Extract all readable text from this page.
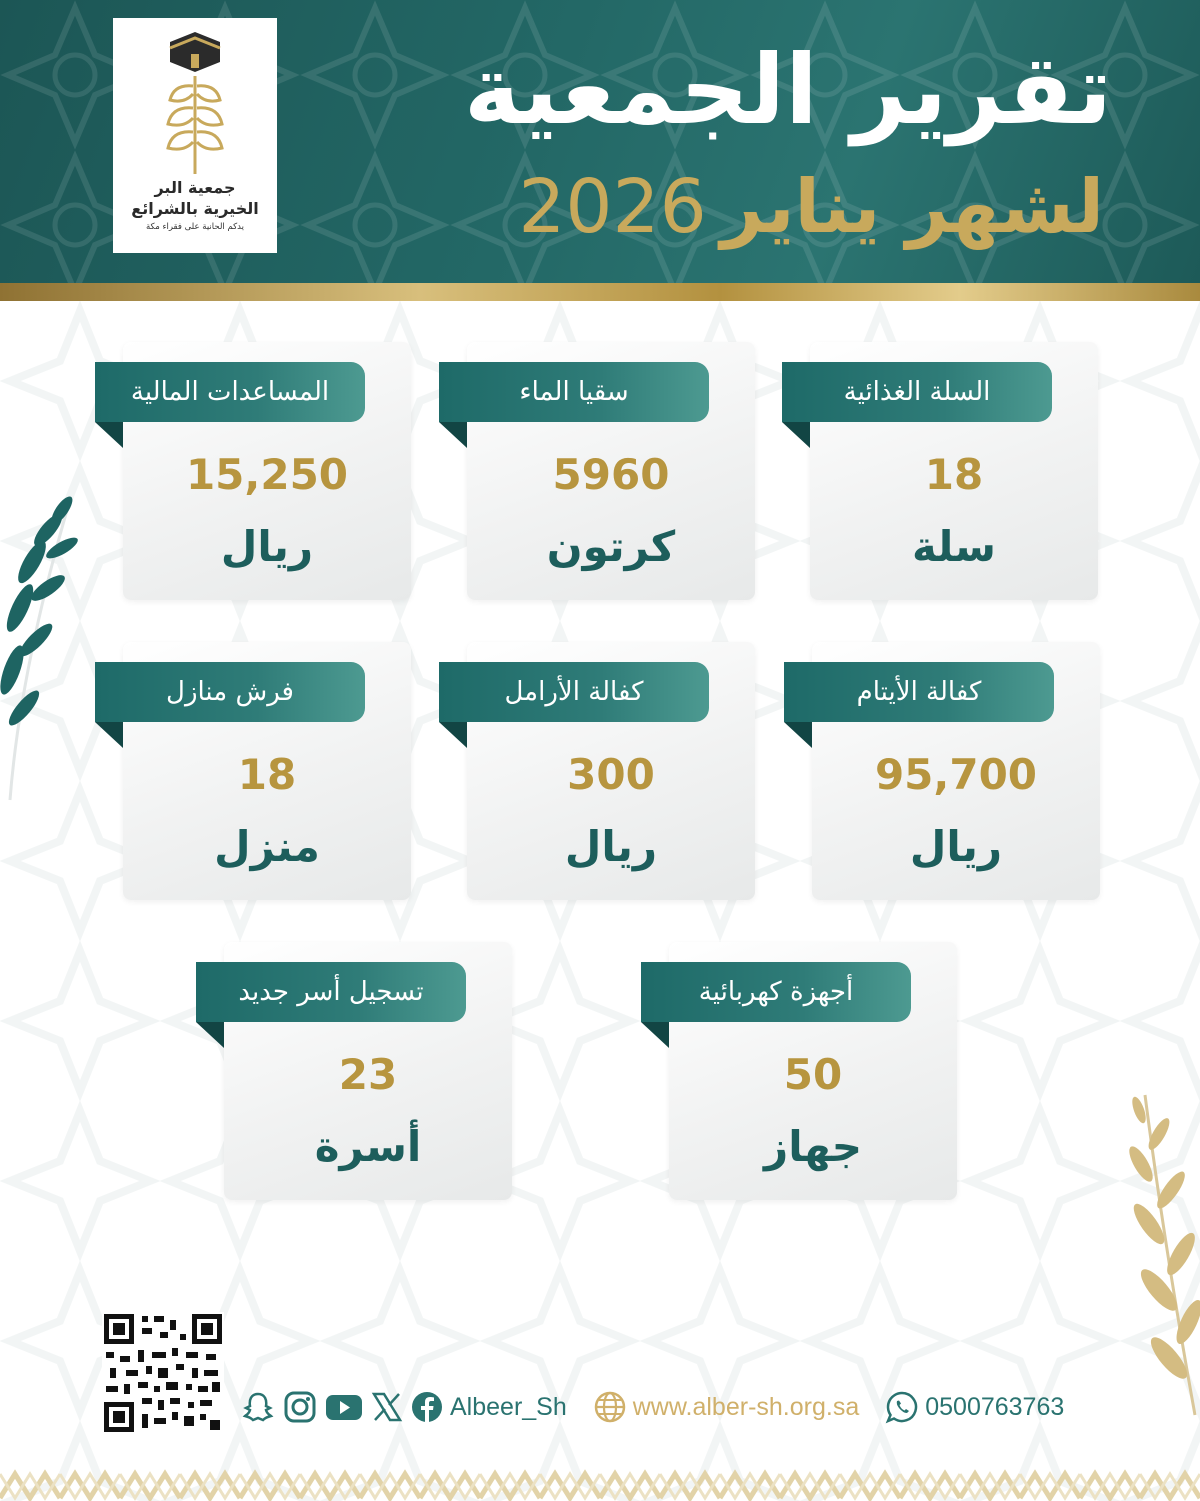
تقرير الجمعية
لشهر يناير2026
جمعية البر
الخيرية بالشرائع
يدكم الحانية على فقراء مكة
السلة الغذائية
18
سلة
سقيا الماء
5960
كرتون
المساعدات المالية
15,250
ريال
كفالة الأيتام
95,700
ريال
كفالة الأرامل
300
ريال
فرش منازل
18
منزل
أجهزة كهربائية
50
جهاز
تسجيل أسر جديد
23
أسرة
Albeer_Sh	www.alber-sh.org.sa	0500763763
